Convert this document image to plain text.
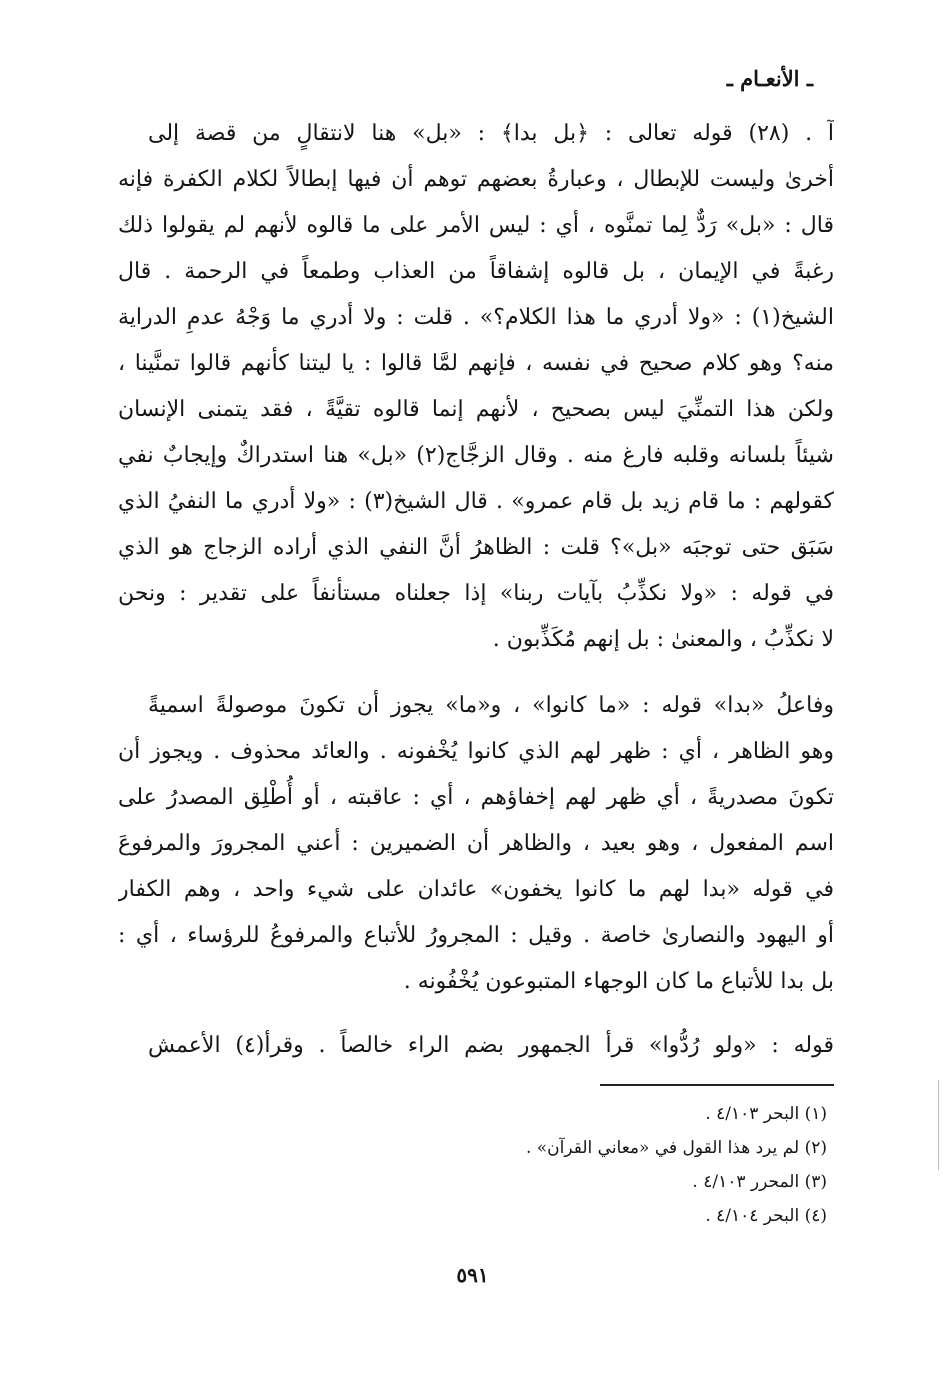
ـ الأنعـام ـ
آ . (٢٨) قوله تعالى : ﴿بل بدا﴾ : «بل» هنا لانتقالٍ من قصة إلى
أخرىٰ وليست للإبطال ، وعبارةُ بعضهم توهم أن فيها إبطالاً لكلام الكفرة فإنه
قال : «بل» رَدٌّ لِما تمنَّوه ، أي : ليس الأمر على ما قالوه لأنهم لم يقولوا ذلك
رغبةً في الإيمان ، بل قالوه إشفاقاً من العذاب وطمعاً في الرحمة . قال
الشيخ(١) : «ولا أدري ما هذا الكلام؟» . قلت : ولا أدري ما وَجْهُ عدمِ الدراية
منه؟ وهو كلام صحيح في نفسه ، فإنهم لمَّا قالوا : يا ليتنا كأنهم قالوا تمنَّينا ،
ولكن هذا التمنِّيَ ليس بصحيح ، لأنهم إنما قالوه تقيَّةً ، فقد يتمنى الإنسان
شيئاً بلسانه وقلبه فارغ منه . وقال الزجَّاج(٢) «بل» هنا استدراكٌ وإيجابٌ نفي
كقولهم : ما قام زيد بل قام عمرو» . قال الشيخ(٣) : «ولا أدري ما النفيُ الذي
سَبَق حتى توجبَه «بل»؟ قلت : الظاهرُ أنَّ النفي الذي أراده الزجاج هو الذي
في قوله : «ولا نكذِّبُ بآيات ربنا» إذا جعلناه مستأنفاً على تقدير : ونحن
لا نكذِّبُ ، والمعنىٰ : بل إنهم مُكَذِّبون .
وفاعلُ «بدا» قوله : «ما كانوا» ، و«ما» يجوز أن تكونَ موصولةً اسميةً
وهو الظاهر ، أي : ظهر لهم الذي كانوا يُخْفونه . والعائد محذوف . ويجوز أن
تكونَ مصدريةً ، أي ظهر لهم إخفاؤهم ، أي : عاقبته ، أو أُطْلِق المصدرُ على
اسم المفعول ، وهو بعيد ، والظاهر أن الضميرين : أعني المجرورَ والمرفوعَ
في قوله «بدا لهم ما كانوا يخفون» عائدان على شيء واحد ، وهم الكفار
أو اليهود والنصارىٰ خاصة . وقيل : المجرورُ للأتباع والمرفوعُ للرؤساء ، أي :
بل بدا للأتباع ما كان الوجهاء المتبوعون يُخْفُونه .
قوله : «ولو رُدُّوا» قرأ الجمهور بضم الراء خالصاً . وقرأ(٤) الأعمش
(١) البحر ٤/١٠٣ .
(٢) لم يرد هذا القول في «معاني القرآن» .
(٣) المحرر ٤/١٠٣ .
(٤) البحر ٤/١٠٤ .
٥٩١
